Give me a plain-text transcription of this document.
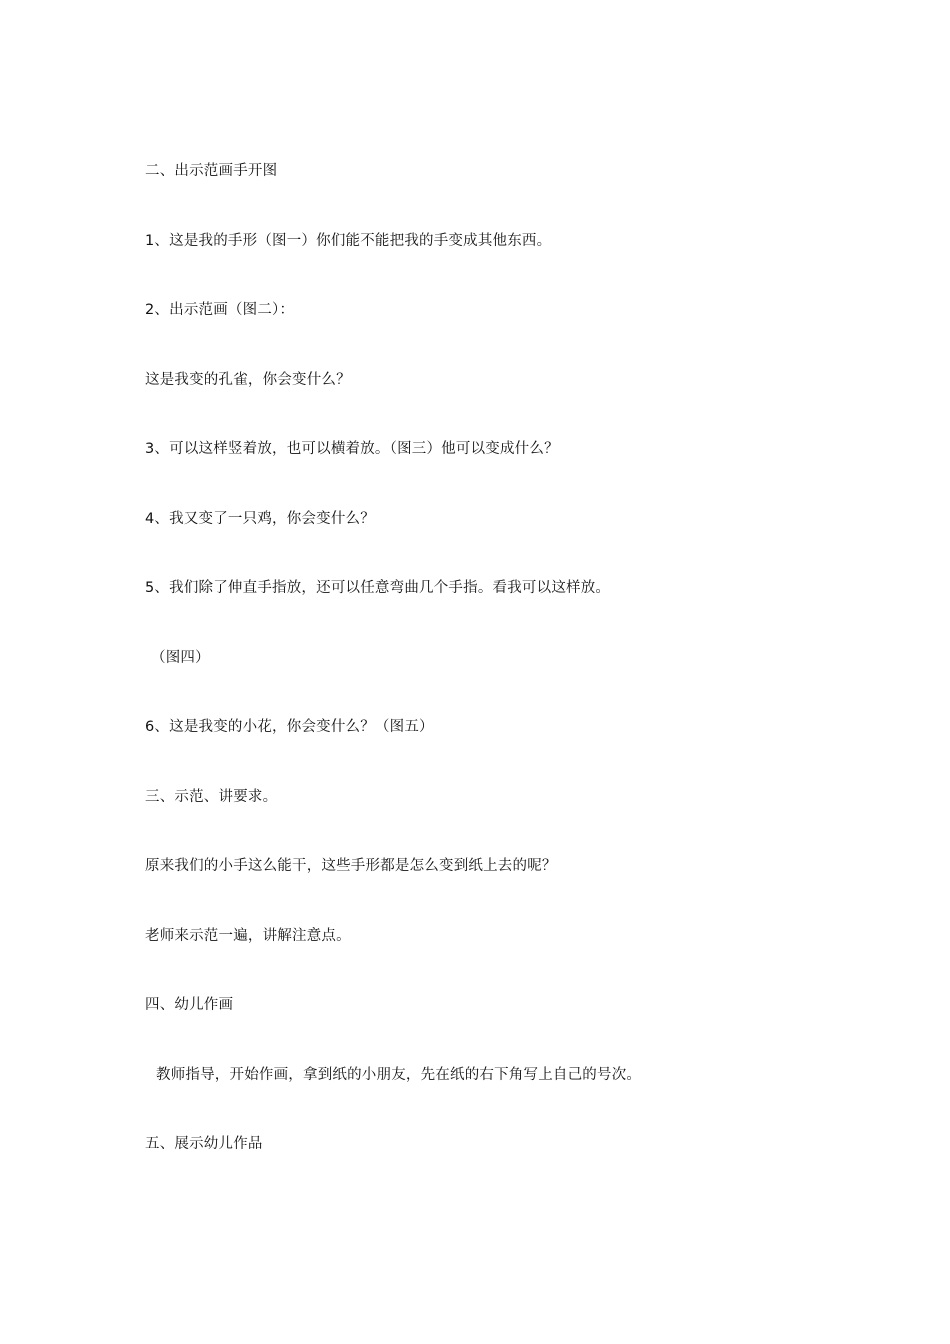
二、出示范画手开图
1、这是我的手形（图一）你们能不能把我的手变成其他东西。
2、出示范画（图二）：
这是我变的孔雀，你会变什么？
3、可以这样竖着放，也可以横着放。（图三）他可以变成什么？
4、我又变了一只鸡，你会变什么？
5、我们除了伸直手指放，还可以任意弯曲几个手指。看我可以这样放。
（图四）
6、这是我变的小花，你会变什么？（图五）
三、示范、讲要求。
原来我们的小手这么能干，这些手形都是怎么变到纸上去的呢？
老师来示范一遍，讲解注意点。
四、幼儿作画
教师指导，开始作画，拿到纸的小朋友，先在纸的右下角写上自己的号次。
五、展示幼儿作品
